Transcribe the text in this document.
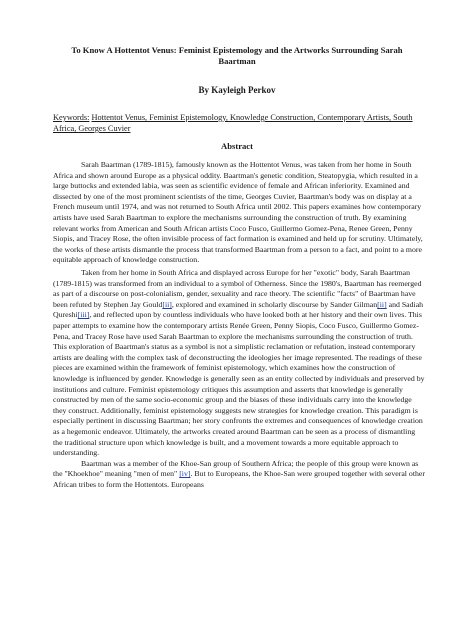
To Know A Hottentot Venus: Feminist Epistemology and the Artworks Surrounding Sarah Baartman
By Kayleigh Perkov
Keywords: Hottentot Venus, Feminist Epistemology, Knowledge Construction, Contemporary Artists, South Africa, Georges Cuvier
Abstract

Sarah Baartman (1789-1815), famously known as the Hottentot Venus, was taken from her home in South Africa and shown around Europe as a physical oddity. Baartman's genetic condition, Steatopygia, which resulted in a large buttocks and extended labia, was seen as scientific evidence of female and African inferiority. Examined and dissected by one of the most prominent scientists of the time, Georges Cuvier, Baartman's body was on display at a French museum until 1974, and was not returned to South Africa until 2002. This papers examines how contemporary artists have used Sarah Baartman to explore the mechanisms surrounding the construction of truth. By examining relevant works from American and South African artists Coco Fusco, Guillermo Gomez-Pena, Renee Green, Penny Siopis, and Tracey Rose, the often invisible process of fact formation is examined and held up for scrutiny. Ultimately, the works of these artists dismantle the process that transformed Baartman from a person to a fact, and point to a more equitable approach of knowledge construction.

Taken from her home in South Africa and displayed across Europe for her "exotic" body, Sarah Baartman (1789-1815) was transformed from an individual to a symbol of Otherness. Since the 1980's, Baartman has reemerged as part of a discourse on post-colonialism, gender, sexuality and race theory. The scientific "facts" of Baartman have been refuted by Stephen Jay Gould[ii], explored and examined in scholarly discourse by Sander Gilman[ii] and Sadiah Qureshi[iii], and reflected upon by countless individuals who have looked both at her history and their own lives. This paper attempts to examine how the contemporary artists Renée Green, Penny Siopis, Coco Fusco, Guillermo Gomez-Pena, and Tracey Rose have used Sarah Baartman to explore the mechanisms surrounding the construction of truth. This exploration of Baartman's status as a symbol is not a simplistic reclamation or refutation, instead contemporary artists are dealing with the complex task of deconstructing the ideologies her image represented. The readings of these pieces are examined within the framework of feminist epistemology, which examines how the construction of knowledge is influenced by gender. Knowledge is generally seen as an entity collected by individuals and preserved by institutions and culture. Feminist epistemology critiques this assumption and asserts that knowledge is generally constructed by men of the same socio-economic group and the biases of these individuals carry into the knowledge they construct. Additionally, feminist epistemology suggests new strategies for knowledge creation. This paradigm is especially pertinent in discussing Baartman; her story confronts the extremes and consequences of knowledge creation as a hegemonic endeavor. Ultimately, the artworks created around Baartman can be seen as a process of dismantling the traditional structure upon which knowledge is built, and a movement towards a more equitable approach to understanding.

Baartman was a member of the Khoe-San group of Southern Africa; the people of this group were known as the "Khoekhoe" meaning "men of men" [iv]. But to Europeans, the Khoe-San were grouped together with several other African tribes to form the Hottentots. Europeans
